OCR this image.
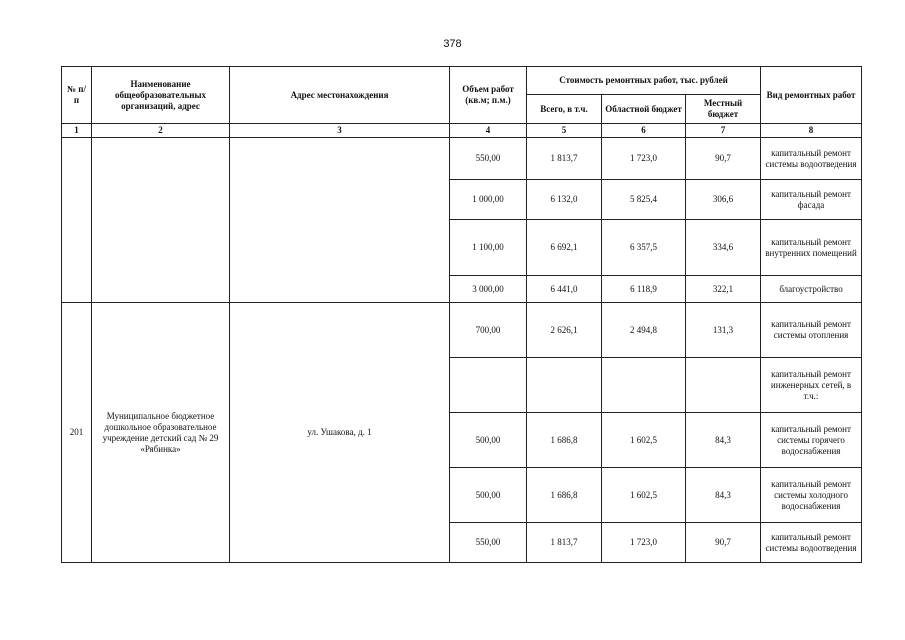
378
№ п/п	Наименование общеобразовательных организаций, адрес	Адрес местонахождения	Объем работ (кв.м; п.м.)	Стоимость ремонтных работ, тыс. рублей			Вид ремонтных работ
				Всего, в т.ч.	Областной бюджет	Местный бюджет	
1	2	3	4	5	6	7	8
			550,00	1 813,7	1 723,0	90,7	капитальный ремонт системы водоотведения
			1 000,00	6 132,0	5 825,4	306,6	капитальный ремонт фасада
			1 100,00	6 692,1	6 357,5	334,6	капитальный ремонт внутренних помещений
			3 000,00	6 441,0	6 118,9	322,1	благоустройство
201	Муниципальное бюджетное дошкольное образовательное учреждение детский сад № 29 «Рябинка»	ул. Ушакова, д. 1	700,00	2 626,1	2 494,8	131,3	капитальный ремонт системы отопления
							капитальный ремонт инженерных сетей, в т.ч.:
			500,00	1 686,8	1 602,5	84,3	капитальный ремонт системы горячего водоснабжения
			500,00	1 686,8	1 602,5	84,3	капитальный ремонт системы холодного водоснабжения
			550,00	1 813,7	1 723,0	90,7	капитальный ремонт системы водоотведения
